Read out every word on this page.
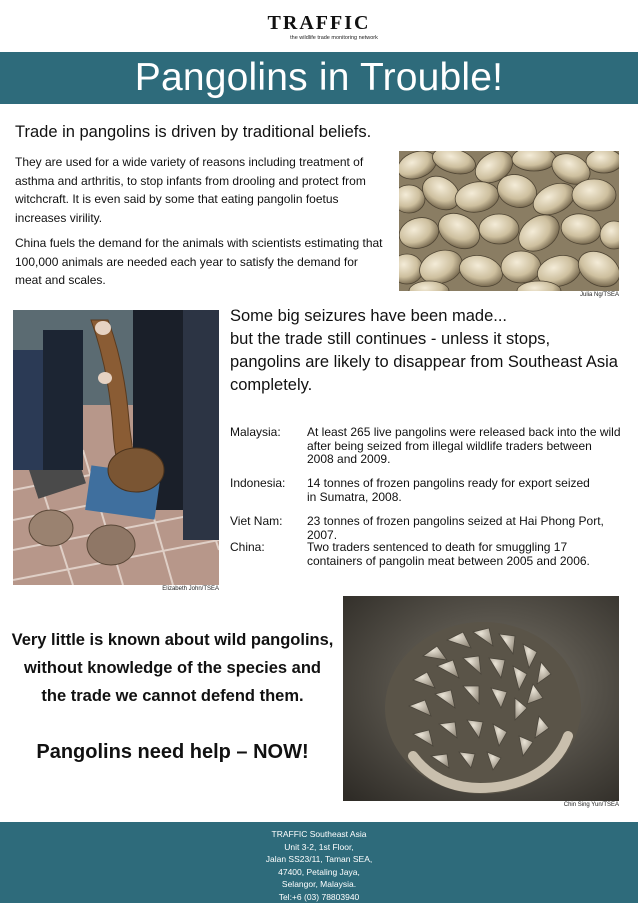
TRAFFIC
the wildlife trade monitoring network
Pangolins in Trouble!
Trade in pangolins is driven by traditional beliefs.
They are used for a wide variety of reasons including treatment of asthma and arthritis, to stop infants from drooling and protect from witchcraft. It is even said by some that eating pangolin foetus increases virility.
China fuels the demand for the animals with scientists estimating that 100,000 animals are needed each year to satisfy the demand for meat and scales.
Julia Ng/TSEA
Elizabeth John/TSEA
Some big seizures have been made...
but the trade still continues - unless it stops,
pangolins are likely to disappear from Southeast Asia
completely.
Malaysia:	At least 265 live pangolins were released back into the wild
after being seized from illegal wildlife traders between
2008 and 2009.
Indonesia:	14 tonnes of frozen pangolins ready for export seized
in Sumatra, 2008.
Viet Nam:	23 tonnes of frozen pangolins seized at Hai Phong Port, 2007.
China:	Two traders sentenced to death for smuggling 17
containers of pangolin meat between 2005 and 2006.
Chin Sing Yun/TSEA
Very little is known about wild pangolins,
without knowledge of the species and
the trade we cannot defend them.
Pangolins need help – NOW!
TRAFFIC Southeast Asia
Unit 3-2, 1st Floor,
Jalan SS23/11, Taman SEA,
47400, Petaling Jaya,
Selangor, Malaysia.
Tel:+6 (03) 78803940
